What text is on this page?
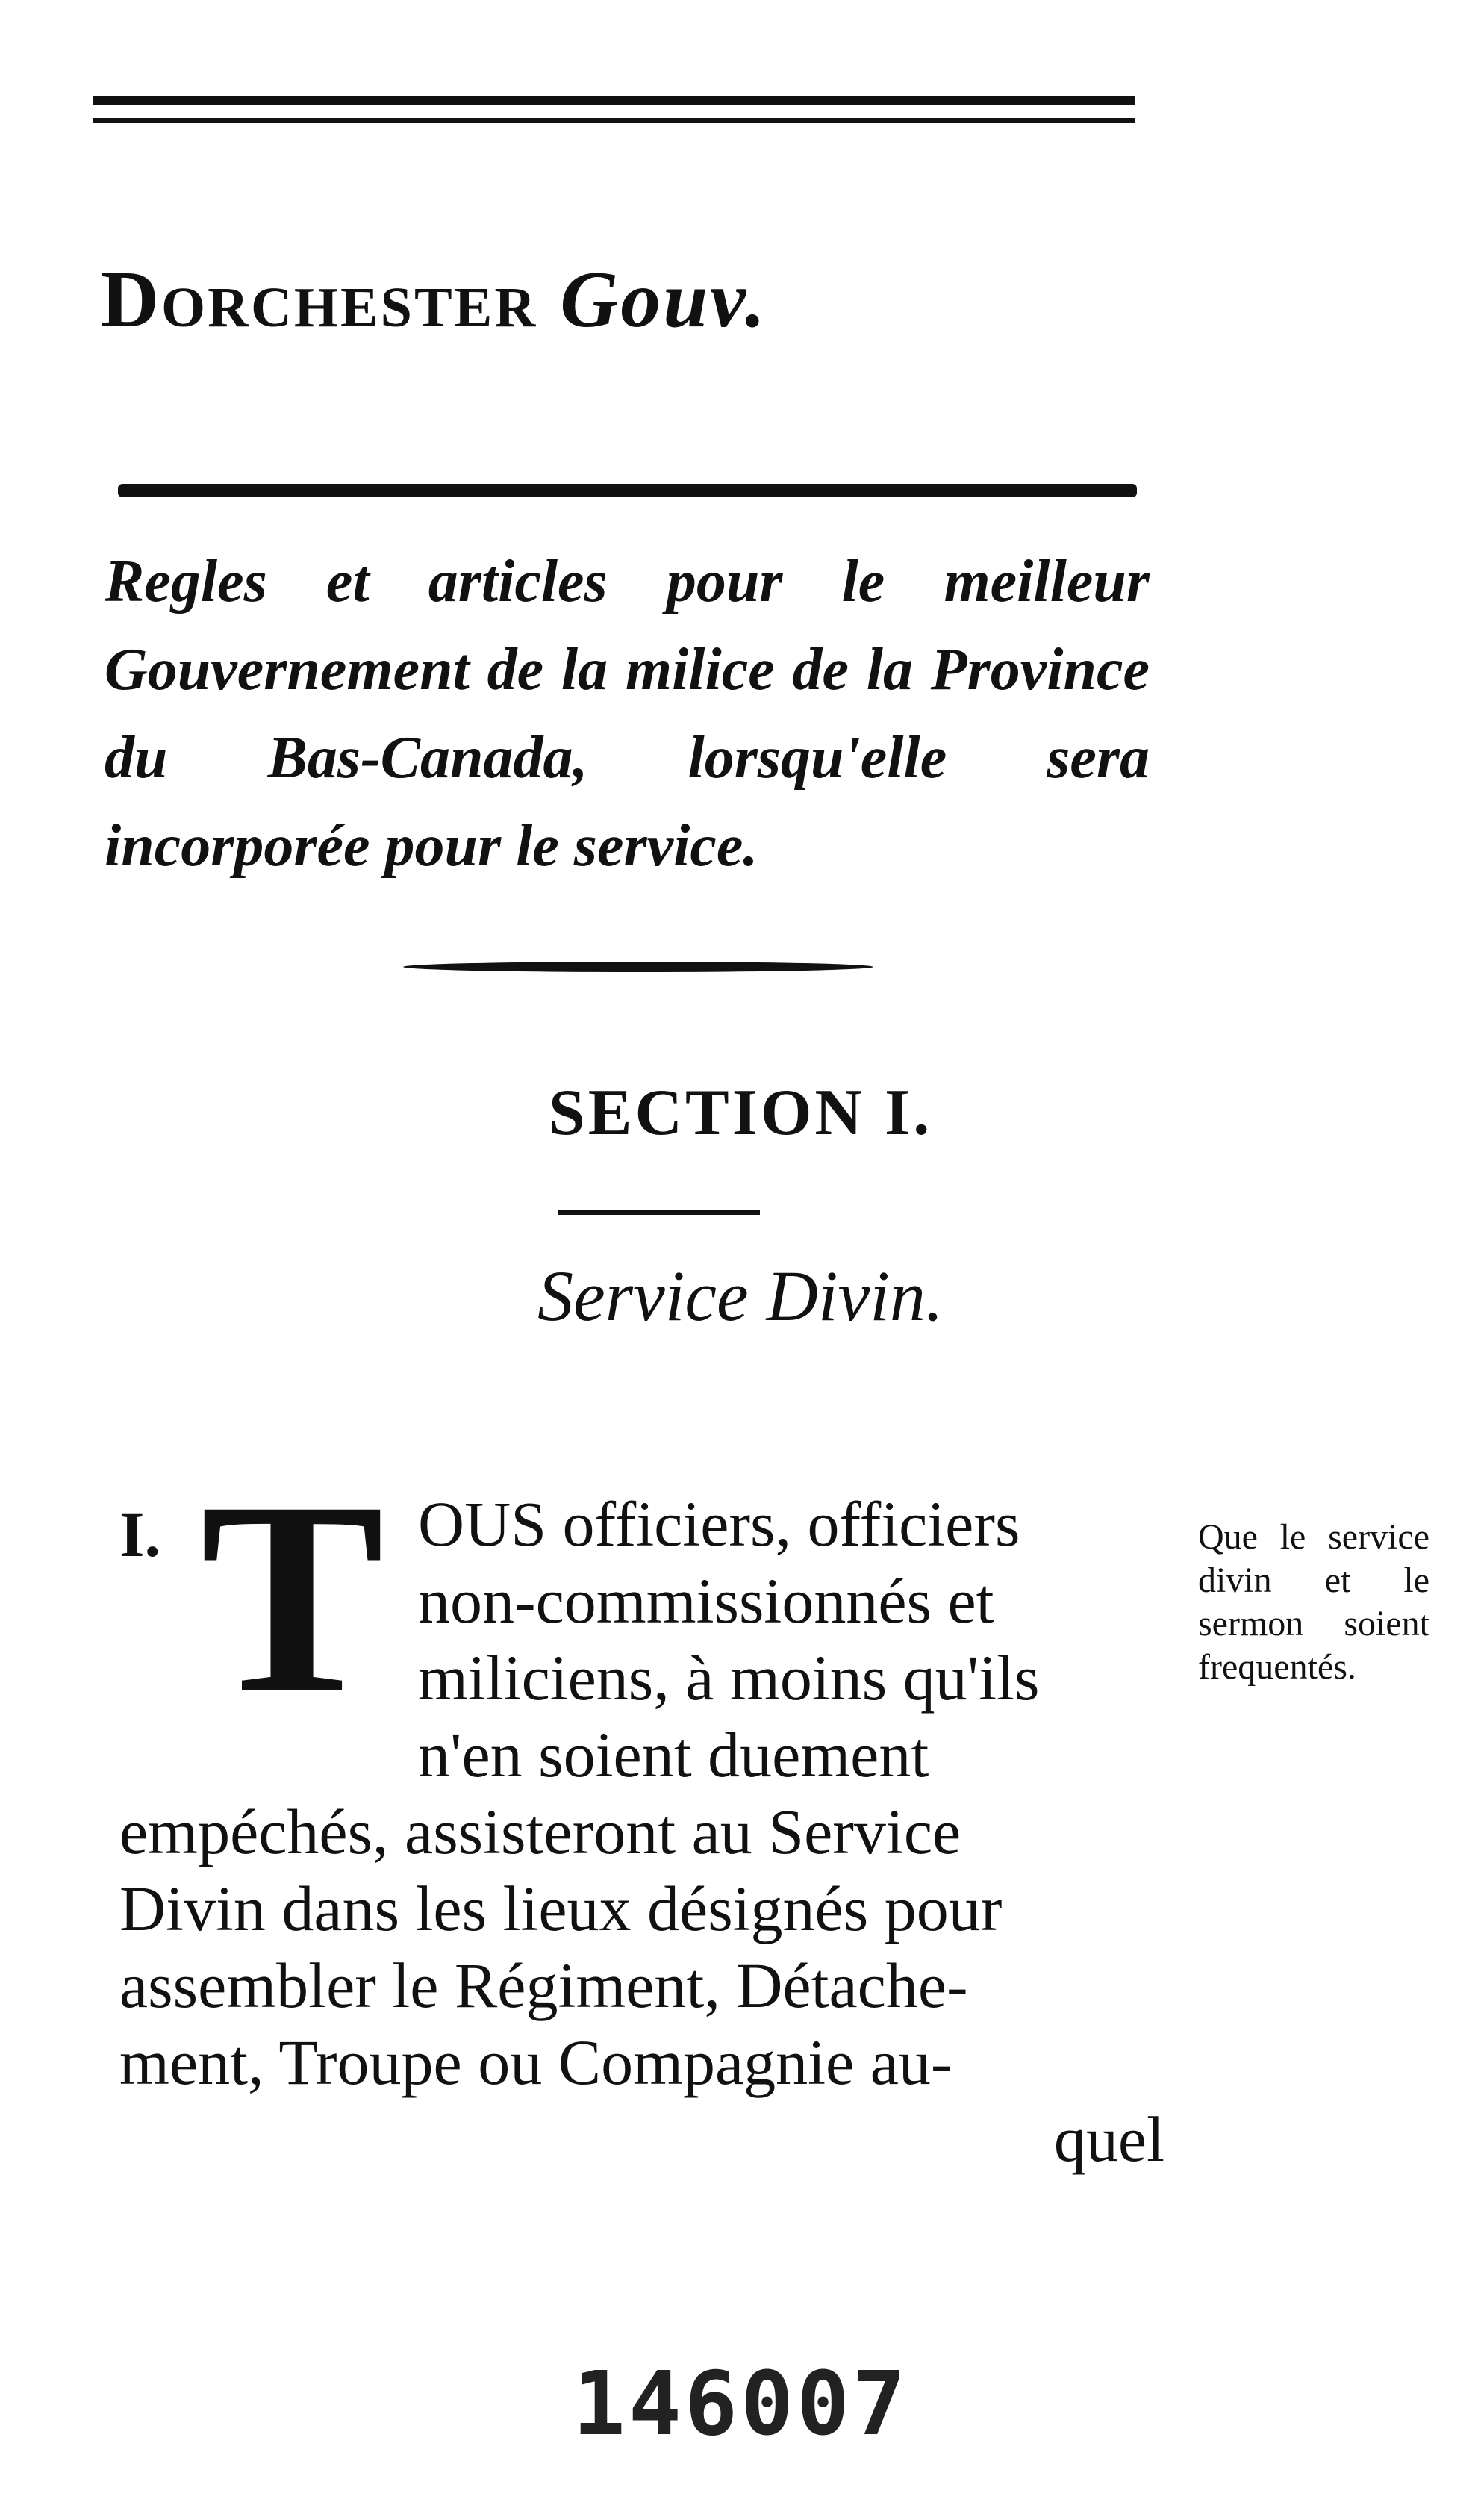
Dorchester Gouv.
Regles et articles pour le meilleur Gouvernement de la milice de la Province du Bas-Canada, lorsqu'elle sera incorporée pour le service.
SECTION I.
Service Divin.
I. T OUS officiers, officiers
non-commissionnés et
miliciens, à moins qu'ils
n'en soient duement
empéchés, assisteront au Service
Divin dans les lieux désignés pour
assembler le Régiment, Détache-
ment, Troupe ou Compagnie au-
quel
Que le service divin et le sermon soient frequentés.
146007
